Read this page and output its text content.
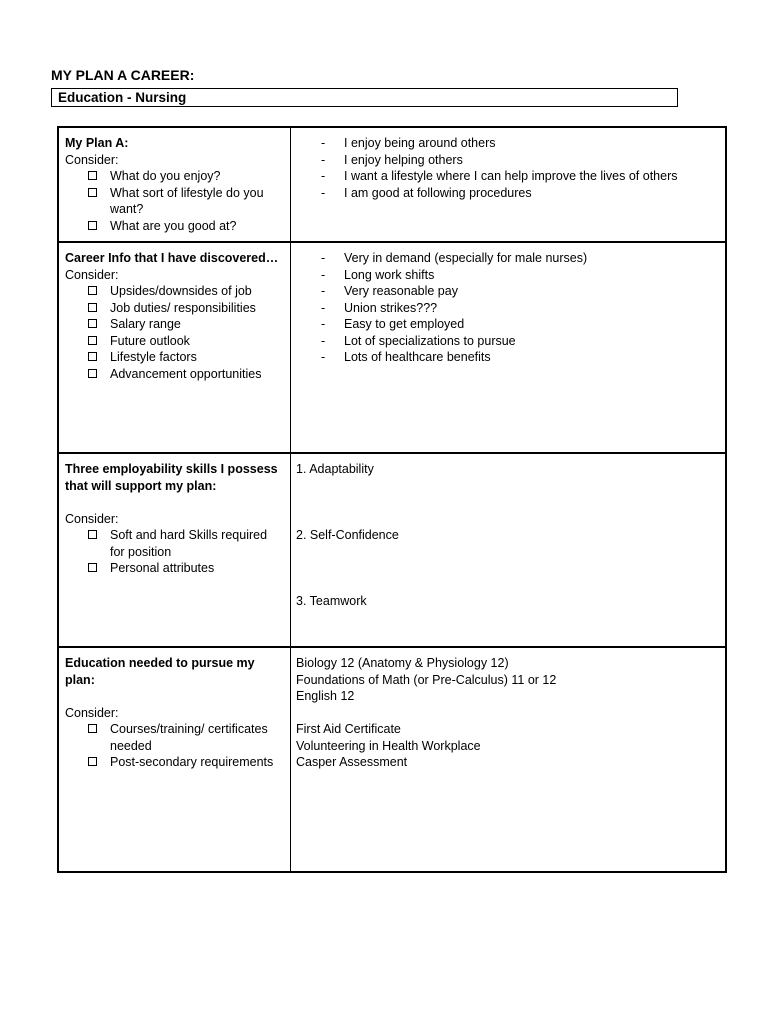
MY PLAN A CAREER:
Education - Nursing
My Plan A:
Consider:
What do you enjoy?
What sort of lifestyle do you want?
What are you good at?
- I enjoy being around others
- I enjoy helping others
- I want a lifestyle where I can help improve the lives of others
- I am good at following procedures
Career Info that I have discovered…
Consider:
Upsides/downsides of job
Job duties/ responsibilities
Salary range
Future outlook
Lifestyle factors
Advancement opportunities
- Very in demand (especially for male nurses)
- Long work shifts
- Very reasonable pay
- Union strikes???
- Easy to get employed
- Lot of specializations to pursue
- Lots of healthcare benefits
Three employability skills I possess that will support my plan:
Consider:
Soft and hard Skills required for position
Personal attributes
1. Adaptability
2. Self-Confidence
3. Teamwork
Education needed to pursue my plan:
Consider:
Courses/training/ certificates needed
Post-secondary requirements
Biology 12 (Anatomy & Physiology 12)
Foundations of Math (or Pre-Calculus) 11 or 12
English 12
First Aid Certificate
Volunteering in Health Workplace
Casper Assessment
